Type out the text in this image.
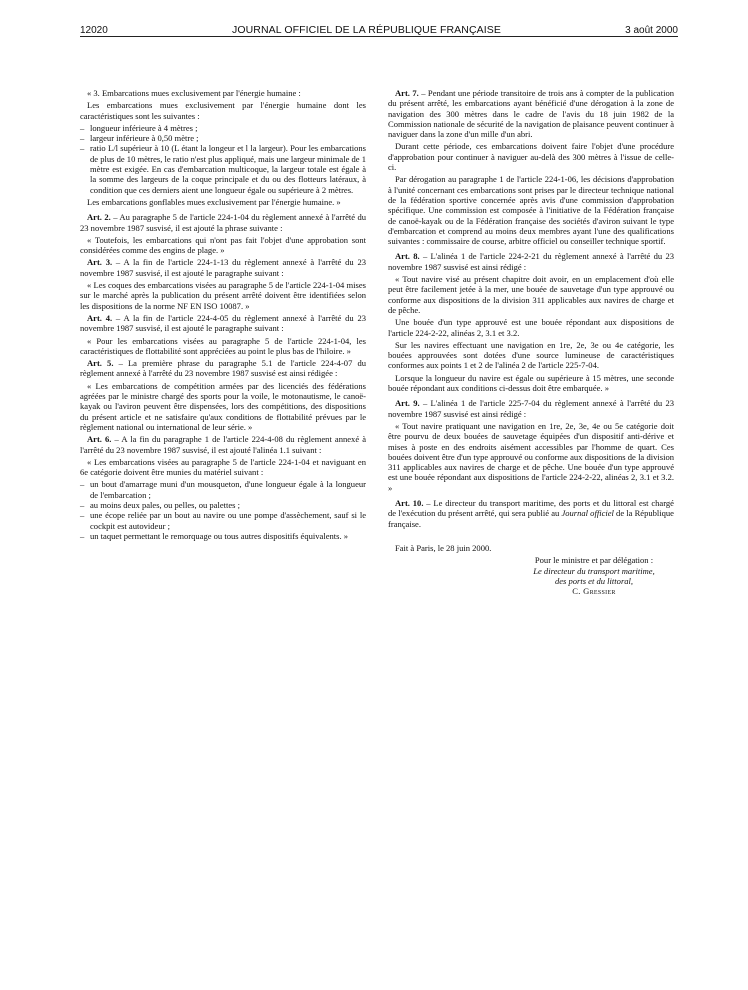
12020	JOURNAL OFFICIEL DE LA RÉPUBLIQUE FRANÇAISE	3 août 2000

« 3. Embarcations mues exclusivement par l'énergie humaine :

Les embarcations mues exclusivement par l'énergie humaine dont les caractéristiques sont les suivantes :

– longueur inférieure à 4 mètres ;
– largeur inférieure à 0,50 mètre ;
– ratio L/l supérieur à 10 (L étant la longeur et l la largeur). Pour les embarcations de plus de 10 mètres, le ratio n'est plus appliqué, mais une largeur minimale de 1 mètre est exigée. En cas d'embarcation multicoque, la largeur totale est égale à la somme des largeurs de la coque principale et du ou des flotteurs latéraux, à condition que ces derniers aient une longueur égale ou supérieure à 2 mètres.

Les embarcations gonflables mues exclusivement par l'énergie humaine. »

Art. 2. – Au paragraphe 5 de l'article 224-1-04 du règlement annexé à l'arrêté du 23 novembre 1987 susvisé, il est ajouté la phrase suivante :

« Toutefois, les embarcations qui n'ont pas fait l'objet d'une approbation sont considérées comme des engins de plage. »

Art. 3. – A la fin de l'article 224-1-13 du règlement annexé à l'arrêté du 23 novembre 1987 susvisé, il est ajouté le paragraphe suivant :

« Les coques des embarcations visées au paragraphe 5 de l'article 224-1-04 mises sur le marché après la publication du présent arrêté doivent être identifiées selon les dispositions de la norme NF EN ISO 10087. »

Art. 4. – A la fin de l'article 224-4-05 du règlement annexé à l'arrêté du 23 novembre 1987 susvisé, il est ajouté le paragraphe suivant :

« Pour les embarcations visées au paragraphe 5 de l'article 224-1-04, les caractéristiques de flottabilité sont appréciées au point le plus bas de l'hiloire. »

Art. 5. – La première phrase du paragraphe 5.1 de l'article 224-4-07 du règlement annexé à l'arrêté du 23 novembre 1987 susvisé est ainsi rédigée :

« Les embarcations de compétition armées par des licenciés des fédérations agréées par le ministre chargé des sports pour la voile, le motonautisme, le canoë-kayak ou l'aviron peuvent être dispensées, lors des compétitions, des dispositions du présent article et ne satisfaire qu'aux conditions de flottabilité prévues par le règlement national ou international de leur série. »

Art. 6. – A la fin du paragraphe 1 de l'article 224-4-08 du règlement annexé à l'arrêté du 23 novembre 1987 susvisé, il est ajouté l'alinéa 1.1 suivant :

« Les embarcations visées au paragraphe 5 de l'article 224-1-04 et naviguant en 6e catégorie doivent être munies du matériel suivant :

– un bout d'amarrage muni d'un mousqueton, d'une longueur égale à la longueur de l'embarcation ;
– au moins deux pales, ou pelles, ou palettes ;
– une écope reliée par un bout au navire ou une pompe d'assèchement, sauf si le cockpit est autovideur ;
– un taquet permettant le remorquage ou tous autres dispositifs équivalents. »

Art. 7. – Pendant une période transitoire de trois ans à compter de la publication du présent arrêté, les embarcations ayant bénéficié d'une dérogation à la zone de navigation des 300 mètres dans le cadre de l'avis du 18 juin 1982 de la Commission nationale de sécurité de la navigation de plaisance peuvent continuer à naviguer dans la zone d'un mille d'un abri.

Durant cette période, ces embarcations doivent faire l'objet d'une procédure d'approbation pour continuer à naviguer au-delà des 300 mètres à l'issue de celle-ci.

Par dérogation au paragraphe 1 de l'article 224-1-06, les décisions d'approbation à l'unité concernant ces embarcations sont prises par le directeur technique national de la fédération sportive concernée après avis d'une commission d'approbation spécifique. Une commission est composée à l'initiative de la Fédération française de canoë-kayak ou de la Fédération française des sociétés d'aviron suivant le type d'embarcation et comprend au moins deux membres ayant l'une des qualifications suivantes : commissaire de course, arbitre officiel ou conseiller technique sportif.

Art. 8. – L'alinéa 1 de l'article 224-2-21 du règlement annexé à l'arrêté du 23 novembre 1987 susvisé est ainsi rédigé :

« Tout navire visé au présent chapitre doit avoir, en un emplacement d'où elle peut être facilement jetée à la mer, une bouée de sauvetage d'un type approuvé ou conforme aux dispositions de la division 311 applicables aux navires de charge et de pêche.

Une bouée d'un type approuvé est une bouée répondant aux dispositions de l'article 224-2-22, alinéas 2, 3.1 et 3.2.

Sur les navires effectuant une navigation en 1re, 2e, 3e ou 4e catégorie, les bouées approuvées sont dotées d'une source lumineuse de caractéristiques conformes aux points 1 et 2 de l'alinéa 2 de l'article 225-7-04.

Lorsque la longueur du navire est égale ou supérieure à 15 mètres, une seconde bouée répondant aux conditions ci-dessus doit être embarquée. »

Art. 9. – L'alinéa 1 de l'article 225-7-04 du règlement annexé à l'arrêté du 23 novembre 1987 susvisé est ainsi rédigé :

« Tout navire pratiquant une navigation en 1re, 2e, 3e, 4e ou 5e catégorie doit être pourvu de deux bouées de sauvetage équipées d'un dispositif anti-dérive et mises à poste en des endroits aisément accessibles par l'homme de quart. Ces bouées doivent être d'un type approuvé ou conforme aux dispositions de la division 311 applicables aux navires de charge et de pêche. Une bouée d'un type approuvé est une bouée répondant aux dispositions de l'article 224-2-22, alinéas 2, 3.1 et 3.2. »

Art. 10. – Le directeur du transport maritime, des ports et du littoral est chargé de l'exécution du présent arrêté, qui sera publié au Journal officiel de la République française.

Fait à Paris, le 28 juin 2000.

Pour le ministre et par délégation :
Le directeur du transport maritime,
des ports et du littoral,
C. Gressier
